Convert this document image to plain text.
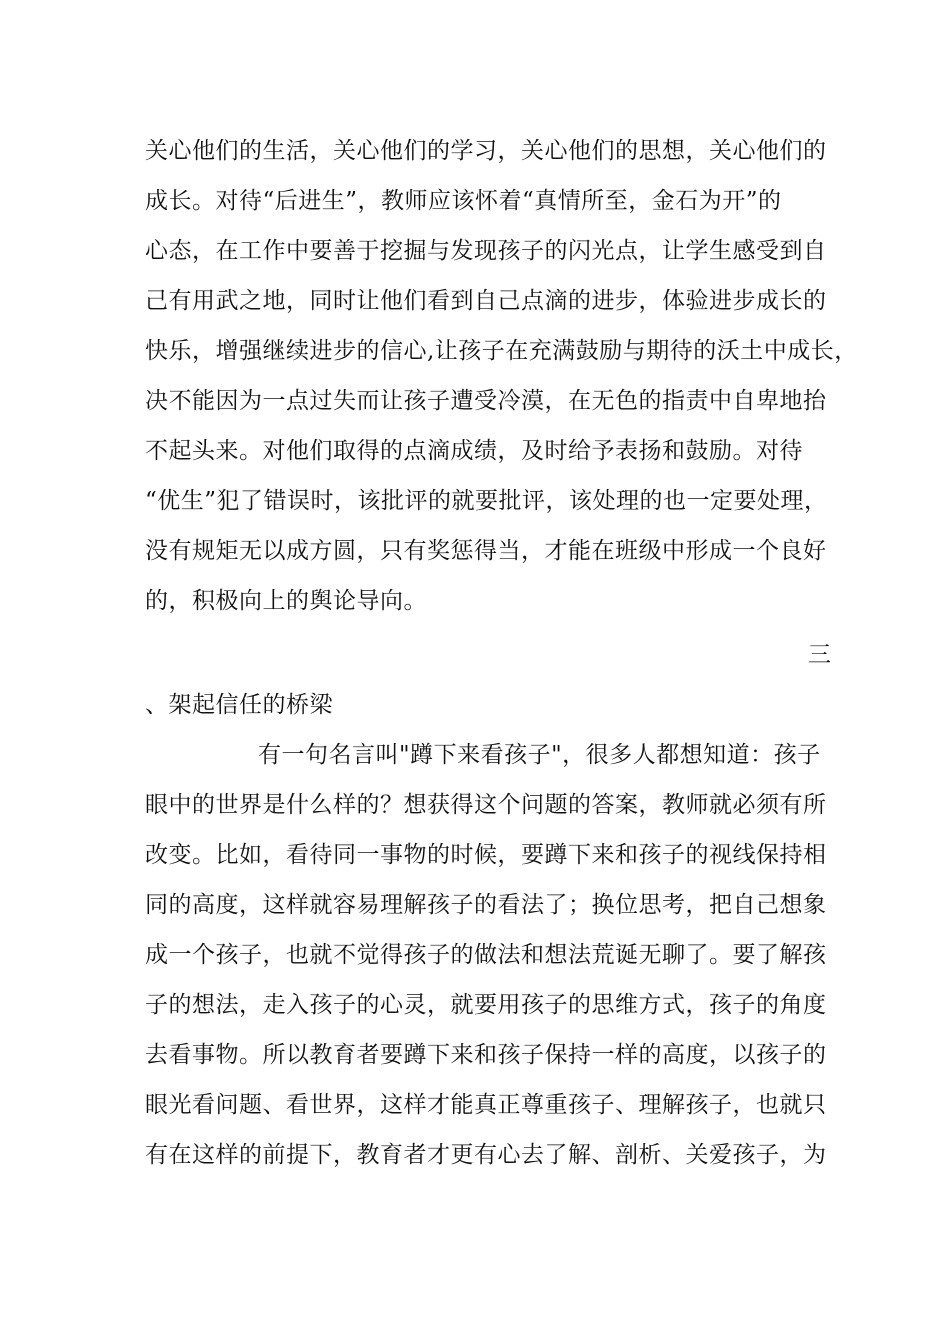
关心他们的生活，关心他们的学习，关心他们的思想，关心他们的
成长。对待“后进生”，教师应该怀着“真情所至，金石为开”的
心态，在工作中要善于挖掘与发现孩子的闪光点，让学生感受到自
己有用武之地，同时让他们看到自己点滴的进步，体验进步成长的
快乐，增强继续进步的信心,让孩子在充满鼓励与期待的沃土中成长，
决不能因为一点过失而让孩子遭受冷漠，在无色的指责中自卑地抬
不起头来。对他们取得的点滴成绩，及时给予表扬和鼓励。对待
“优生”犯了错误时，该批评的就要批评，该处理的也一定要处理，
没有规矩无以成方圆，只有奖惩得当，才能在班级中形成一个良好
的，积极向上的舆论导向。
三
、架起信任的桥梁
有一句名言叫"蹲下来看孩子"，很多人都想知道：孩子
眼中的世界是什么样的？想获得这个问题的答案，教师就必须有所
改变。比如，看待同一事物的时候，要蹲下来和孩子的视线保持相
同的高度，这样就容易理解孩子的看法了；换位思考，把自己想象
成一个孩子，也就不觉得孩子的做法和想法荒诞无聊了。要了解孩
子的想法，走入孩子的心灵，就要用孩子的思维方式，孩子的角度
去看事物。所以教育者要蹲下来和孩子保持一样的高度，以孩子的
眼光看问题、看世界，这样才能真正尊重孩子、理解孩子，也就只
有在这样的前提下，教育者才更有心去了解、剖析、关爱孩子，为
